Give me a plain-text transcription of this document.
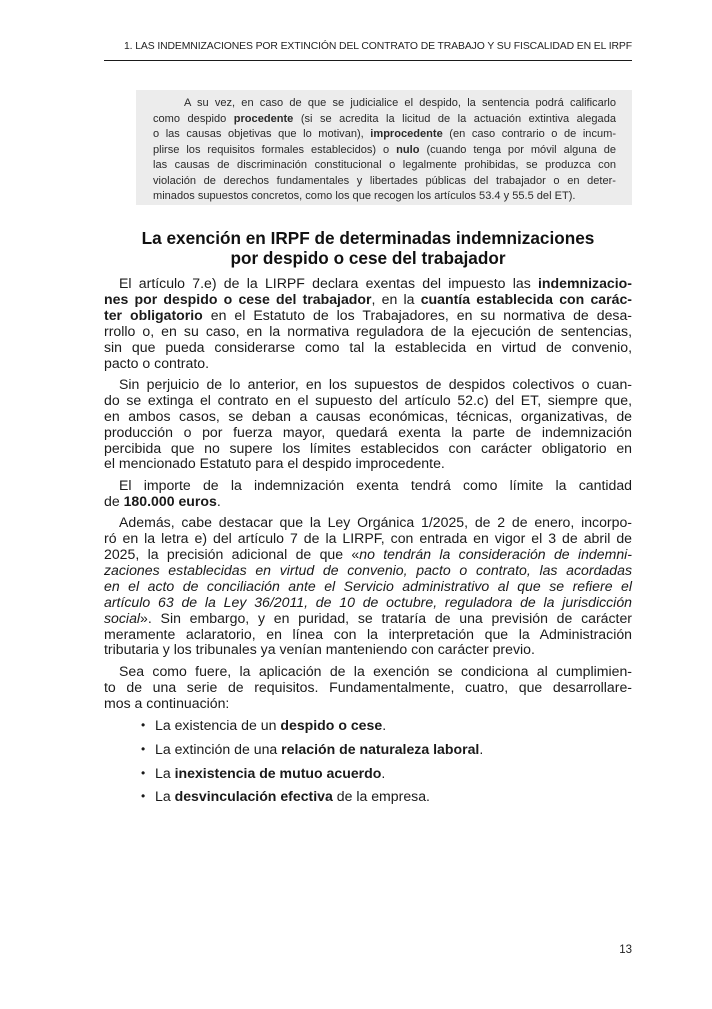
1. LAS INDEMNIZACIONES POR EXTINCIÓN DEL CONTRATO DE TRABAJO Y SU FISCALIDAD EN EL IRPF
A su vez, en caso de que se judicialice el despido, la sentencia podrá calificarlo
como despido procedente (si se acredita la licitud de la actuación extintiva alegada
o las causas objetivas que lo motivan), improcedente (en caso contrario o de incum-
plirse los requisitos formales establecidos) o nulo (cuando tenga por móvil alguna de
las causas de discriminación constitucional o legalmente prohibidas, se produzca con
violación de derechos fundamentales y libertades públicas del trabajador o en deter-
minados supuestos concretos, como los que recogen los artículos 53.4 y 55.5 del ET).
La exención en IRPF de determinadas indemnizaciones
por despido o cese del trabajador
El artículo 7.e) de la LIRPF declara exentas del impuesto las indemnizacio-
nes por despido o cese del trabajador, en la cuantía establecida con carác-
ter obligatorio en el Estatuto de los Trabajadores, en su normativa de desa-
rrollo o, en su caso, en la normativa reguladora de la ejecución de sentencias,
sin que pueda considerarse como tal la establecida en virtud de convenio,
pacto o contrato.
Sin perjuicio de lo anterior, en los supuestos de despidos colectivos o cuan-
do se extinga el contrato en el supuesto del artículo 52.c) del ET, siempre que,
en ambos casos, se deban a causas económicas, técnicas, organizativas, de
producción o por fuerza mayor, quedará exenta la parte de indemnización
percibida que no supere los límites establecidos con carácter obligatorio en
el mencionado Estatuto para el despido improcedente.
El importe de la indemnización exenta tendrá como límite la cantidad
de 180.000 euros.
Además, cabe destacar que la Ley Orgánica 1/2025, de 2 de enero, incorpo-
ró en la letra e) del artículo 7 de la LIRPF, con entrada en vigor el 3 de abril de
2025, la precisión adicional de que «no tendrán la consideración de indemni-
zaciones establecidas en virtud de convenio, pacto o contrato, las acordadas
en el acto de conciliación ante el Servicio administrativo al que se refiere el
artículo 63 de la Ley 36/2011, de 10 de octubre, reguladora de la jurisdicción
social». Sin embargo, y en puridad, se trataría de una previsión de carácter
meramente aclaratorio, en línea con la interpretación que la Administración
tributaria y los tribunales ya venían manteniendo con carácter previo.
Sea como fuere, la aplicación de la exención se condiciona al cumplimien-
to de una serie de requisitos. Fundamentalmente, cuatro, que desarrollare-
mos a continuación:
• La existencia de un despido o cese.
• La extinción de una relación de naturaleza laboral.
• La inexistencia de mutuo acuerdo.
• La desvinculación efectiva de la empresa.
13
